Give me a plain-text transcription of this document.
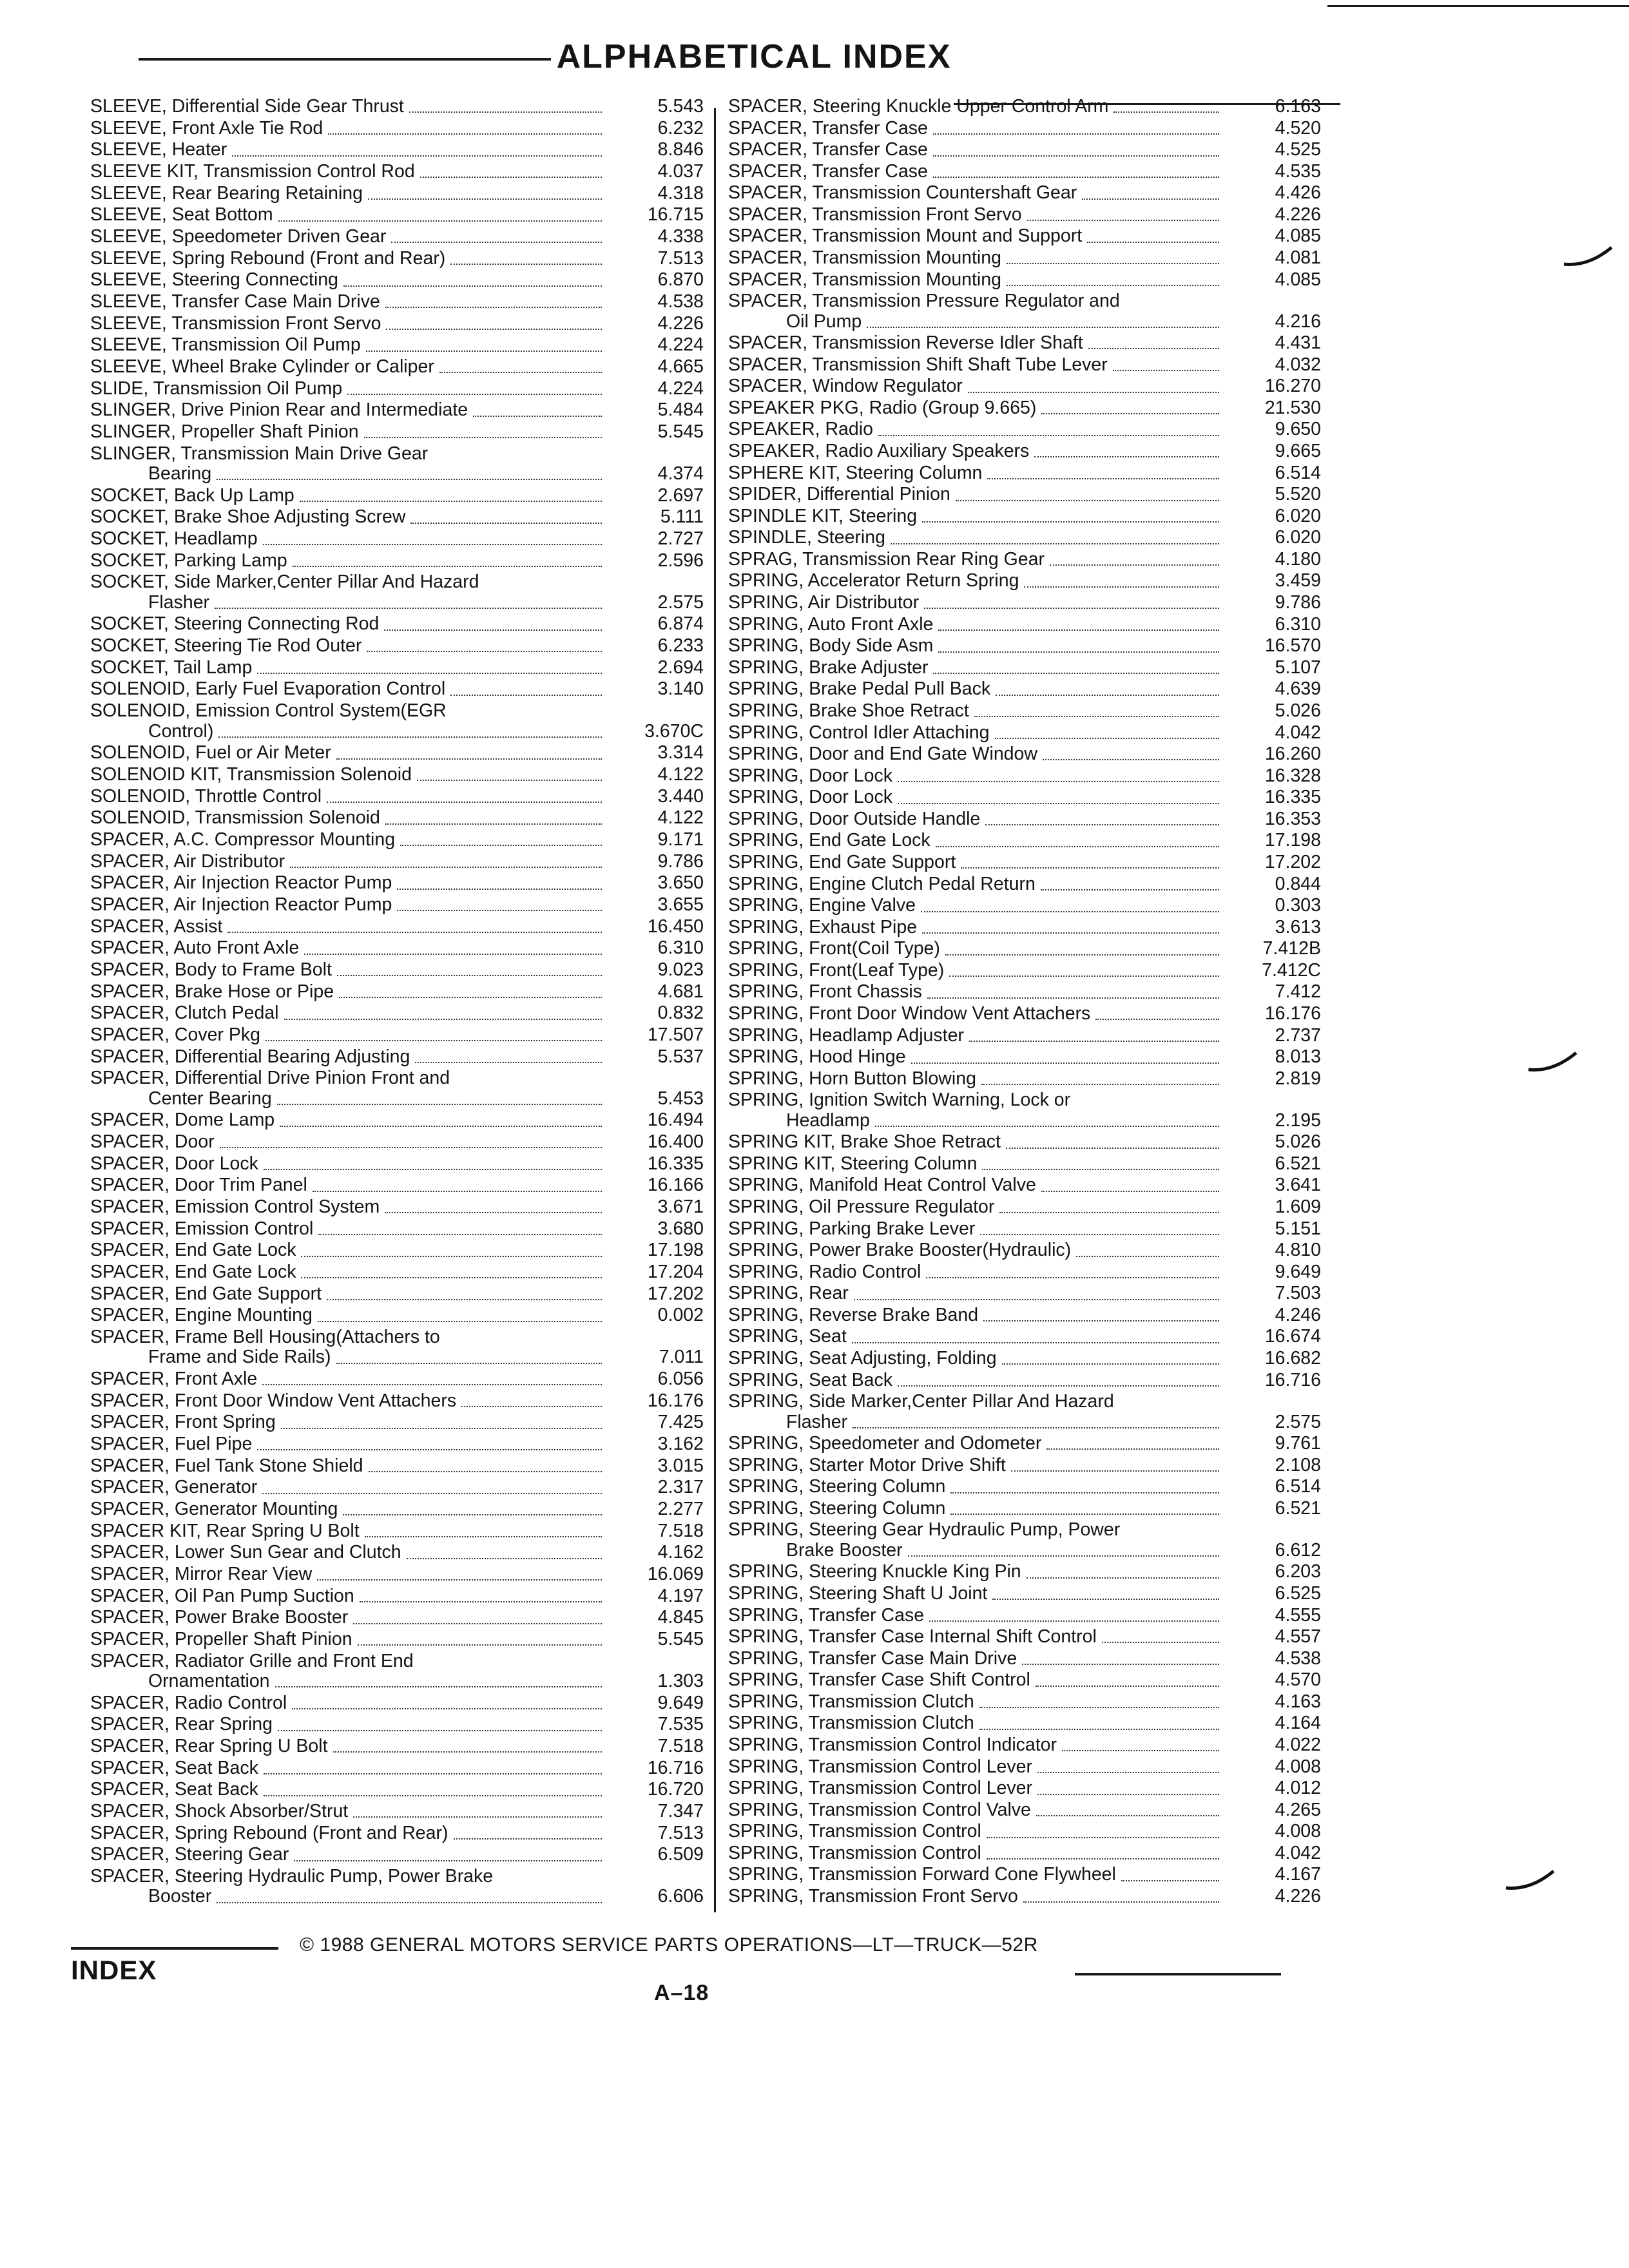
ALPHABETICAL INDEX
SLEEVE, Differential Side Gear Thrust	5.543
SLEEVE, Front Axle Tie Rod	6.232
SLEEVE, Heater	8.846
SLEEVE KIT, Transmission Control Rod	4.037
SLEEVE, Rear Bearing Retaining	4.318
SLEEVE, Seat Bottom	16.715
SLEEVE, Speedometer Driven Gear	4.338
SLEEVE, Spring Rebound (Front and Rear)	7.513
SLEEVE, Steering Connecting	6.870
SLEEVE, Transfer Case Main Drive	4.538
SLEEVE, Transmission Front Servo	4.226
SLEEVE, Transmission Oil Pump	4.224
SLEEVE, Wheel Brake Cylinder or Caliper	4.665
SLIDE, Transmission Oil Pump	4.224
SLINGER, Drive Pinion Rear and Intermediate	5.484
SLINGER, Propeller Shaft Pinion	5.545
SLINGER, Transmission Main Drive Gear
Bearing	4.374
SOCKET, Back Up Lamp	2.697
SOCKET, Brake Shoe Adjusting Screw	5.111
SOCKET, Headlamp	2.727
SOCKET, Parking Lamp	2.596
SOCKET, Side Marker,Center Pillar And Hazard
Flasher	2.575
SOCKET, Steering Connecting Rod	6.874
SOCKET, Steering Tie Rod Outer	6.233
SOCKET, Tail Lamp	2.694
SOLENOID, Early Fuel Evaporation Control	3.140
SOLENOID, Emission Control System(EGR
Control)	3.670C
SOLENOID, Fuel or Air Meter	3.314
SOLENOID KIT, Transmission Solenoid	4.122
SOLENOID, Throttle Control	3.440
SOLENOID, Transmission Solenoid	4.122
SPACER, A.C. Compressor Mounting	9.171
SPACER, Air Distributor	9.786
SPACER, Air Injection Reactor Pump	3.650
SPACER, Air Injection Reactor Pump	3.655
SPACER, Assist	16.450
SPACER, Auto Front Axle	6.310
SPACER, Body to Frame Bolt	9.023
SPACER, Brake Hose or Pipe	4.681
SPACER, Clutch Pedal	0.832
SPACER, Cover Pkg	17.507
SPACER, Differential Bearing Adjusting	5.537
SPACER, Differential Drive Pinion Front and
Center Bearing	5.453
SPACER, Dome Lamp	16.494
SPACER, Door	16.400
SPACER, Door Lock	16.335
SPACER, Door Trim Panel	16.166
SPACER, Emission Control System	3.671
SPACER, Emission Control	3.680
SPACER, End Gate Lock	17.198
SPACER, End Gate Lock	17.204
SPACER, End Gate Support	17.202
SPACER, Engine Mounting	0.002
SPACER, Frame Bell Housing(Attachers to
Frame and Side Rails)	7.011
SPACER, Front Axle	6.056
SPACER, Front Door Window Vent Attachers	16.176
SPACER, Front Spring	7.425
SPACER, Fuel Pipe	3.162
SPACER, Fuel Tank Stone Shield	3.015
SPACER, Generator	2.317
SPACER, Generator Mounting	2.277
SPACER KIT, Rear Spring U Bolt	7.518
SPACER, Lower Sun Gear and Clutch	4.162
SPACER, Mirror Rear View	16.069
SPACER, Oil Pan Pump Suction	4.197
SPACER, Power Brake Booster	4.845
SPACER, Propeller Shaft Pinion	5.545
SPACER, Radiator Grille and Front End
Ornamentation	1.303
SPACER, Radio Control	9.649
SPACER, Rear Spring	7.535
SPACER, Rear Spring U Bolt	7.518
SPACER, Seat Back	16.716
SPACER, Seat Back	16.720
SPACER, Shock Absorber/Strut	7.347
SPACER, Spring Rebound (Front and Rear)	7.513
SPACER, Steering Gear	6.509
SPACER, Steering Hydraulic Pump, Power Brake
Booster	6.606
SPACER, Steering Knuckle Upper Control Arm	6.163
SPACER, Transfer Case	4.520
SPACER, Transfer Case	4.525
SPACER, Transfer Case	4.535
SPACER, Transmission Countershaft Gear	4.426
SPACER, Transmission Front Servo	4.226
SPACER, Transmission Mount and Support	4.085
SPACER, Transmission Mounting	4.081
SPACER, Transmission Mounting	4.085
SPACER, Transmission Pressure Regulator and
Oil Pump	4.216
SPACER, Transmission Reverse Idler Shaft	4.431
SPACER, Transmission Shift Shaft Tube Lever	4.032
SPACER, Window Regulator	16.270
SPEAKER PKG, Radio (Group 9.665)	21.530
SPEAKER, Radio	9.650
SPEAKER, Radio Auxiliary Speakers	9.665
SPHERE KIT, Steering Column	6.514
SPIDER, Differential Pinion	5.520
SPINDLE KIT, Steering	6.020
SPINDLE, Steering	6.020
SPRAG, Transmission Rear Ring Gear	4.180
SPRING, Accelerator Return Spring	3.459
SPRING, Air Distributor	9.786
SPRING, Auto Front Axle	6.310
SPRING, Body Side Asm	16.570
SPRING, Brake Adjuster	5.107
SPRING, Brake Pedal Pull Back	4.639
SPRING, Brake Shoe Retract	5.026
SPRING, Control Idler Attaching	4.042
SPRING, Door and End Gate Window	16.260
SPRING, Door Lock	16.328
SPRING, Door Lock	16.335
SPRING, Door Outside Handle	16.353
SPRING, End Gate Lock	17.198
SPRING, End Gate Support	17.202
SPRING, Engine Clutch Pedal Return	0.844
SPRING, Engine Valve	0.303
SPRING, Exhaust Pipe	3.613
SPRING, Front(Coil Type)	7.412B
SPRING, Front(Leaf Type)	7.412C
SPRING, Front Chassis	7.412
SPRING, Front Door Window Vent Attachers	16.176
SPRING, Headlamp Adjuster	2.737
SPRING, Hood Hinge	8.013
SPRING, Horn Button Blowing	2.819
SPRING, Ignition Switch Warning, Lock or
Headlamp	2.195
SPRING KIT, Brake Shoe Retract	5.026
SPRING KIT, Steering Column	6.521
SPRING, Manifold Heat Control Valve	3.641
SPRING, Oil Pressure Regulator	1.609
SPRING, Parking Brake Lever	5.151
SPRING, Power Brake Booster(Hydraulic)	4.810
SPRING, Radio Control	9.649
SPRING, Rear	7.503
SPRING, Reverse Brake Band	4.246
SPRING, Seat	16.674
SPRING, Seat Adjusting, Folding	16.682
SPRING, Seat Back	16.716
SPRING, Side Marker,Center Pillar And Hazard
Flasher	2.575
SPRING, Speedometer and Odometer	9.761
SPRING, Starter Motor Drive Shift	2.108
SPRING, Steering Column	6.514
SPRING, Steering Column	6.521
SPRING, Steering Gear Hydraulic Pump, Power
Brake Booster	6.612
SPRING, Steering Knuckle King Pin	6.203
SPRING, Steering Shaft U Joint	6.525
SPRING, Transfer Case	4.555
SPRING, Transfer Case Internal Shift Control	4.557
SPRING, Transfer Case Main Drive	4.538
SPRING, Transfer Case Shift Control	4.570
SPRING, Transmission Clutch	4.163
SPRING, Transmission Clutch	4.164
SPRING, Transmission Control Indicator	4.022
SPRING, Transmission Control Lever	4.008
SPRING, Transmission Control Lever	4.012
SPRING, Transmission Control Valve	4.265
SPRING, Transmission Control	4.008
SPRING, Transmission Control	4.042
SPRING, Transmission Forward Cone Flywheel	4.167
SPRING, Transmission Front Servo	4.226
INDEX
© 1988 GENERAL MOTORS SERVICE PARTS OPERATIONS—LT—TRUCK—52R
A–18
